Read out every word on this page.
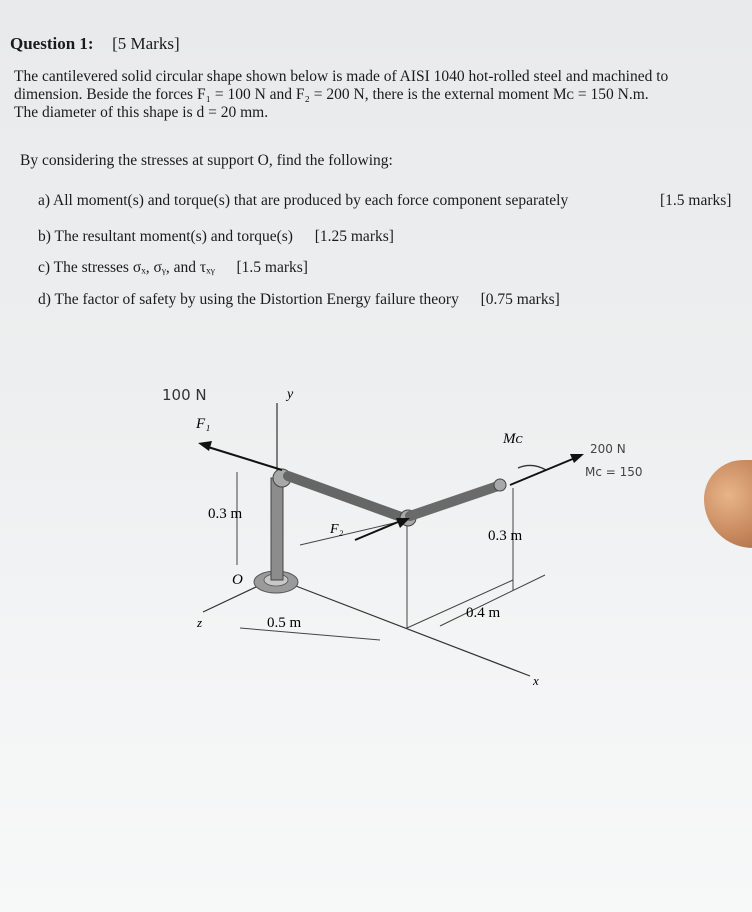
Question 1: [5 Marks]
The cantilevered solid circular shape shown below is made of AISI 1040 hot-rolled steel and machined to
dimension. Beside the forces F₁ = 100 N and F₂ = 200 N, there is the external moment Mᴄ = 150 N.m.
The diameter of this shape is d = 20 mm.
By considering the stresses at support O, find the following:
a) All moment(s) and torque(s) that are produced by each force component separately	[1.5 marks]
b) The resultant moment(s) and torque(s) [1.25 marks]
c) The stresses σₓ, σᵧ, and τₓᵧ [1.5 marks]
d) The factor of safety by using the Distortion Energy failure theory [0.75 marks]
y
F₁
100 N
0.3 m
O
z	0.5 m
F₂
Mᴄ
0.3 m
0.4 m
x
200 N
Mc = 150
